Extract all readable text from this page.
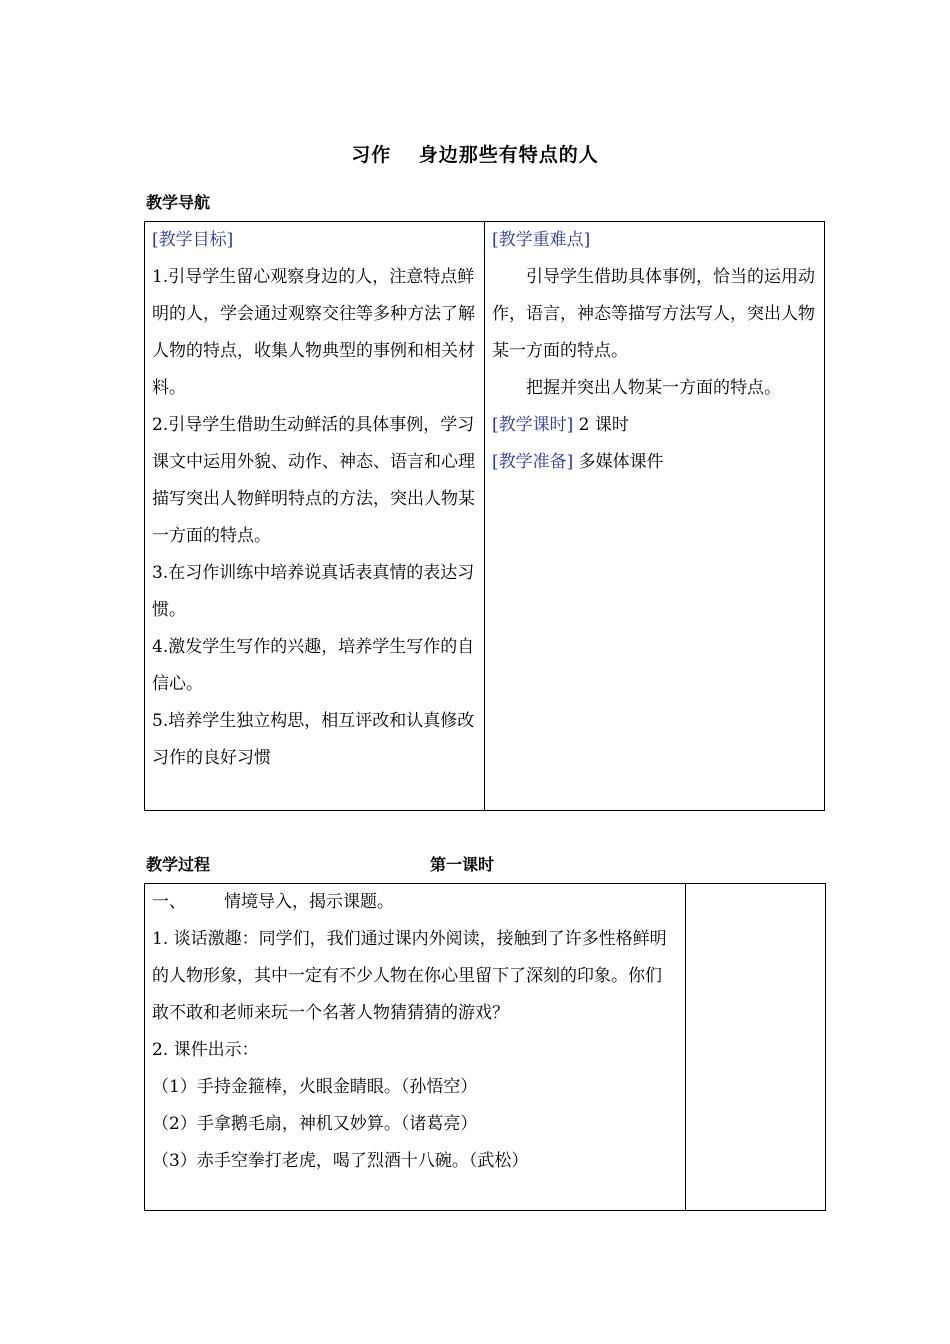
习作　 身边那些有特点的人
教学导航

[教学目标]

1.引导学生留心观察身边的人，注意特点鲜明的人，学会通过观察交往等多种方法了解人物的特点，收集人物典型的事例和相关材料。

2.引导学生借助生动鲜活的具体事例，学习课文中运用外貌、动作、神态、语言和心理描写突出人物鲜明特点的方法，突出人物某一方面的特点。

3.在习作训练中培养说真话表真情的表达习惯。

4.激发学生写作的兴趣，培养学生写作的自信心。

5.培养学生独立构思，相互评改和认真修改习作的良好习惯

[教学重难点]

引导学生借助具体事例，恰当的运用动作，语言，神态等描写方法写人，突出人物某一方面的特点。

把握并突出人物某一方面的特点。

[教学课时] 2 课时

[教学准备] 多媒体课件

教学过程	第一课时

一、 情境导入，揭示课题。

1. 谈话激趣：同学们，我们通过课内外阅读，接触到了许多性格鲜明的人物形象，其中一定有不少人物在你心里留下了深刻的印象。你们敢不敢和老师来玩一个名著人物猜猜猜的游戏？

2. 课件出示：

（1）手持金箍棒，火眼金睛眼。（孙悟空）

（2）手拿鹅毛扇，神机又妙算。（诸葛亮）

（3）赤手空拳打老虎，喝了烈酒十八碗。（武松）
